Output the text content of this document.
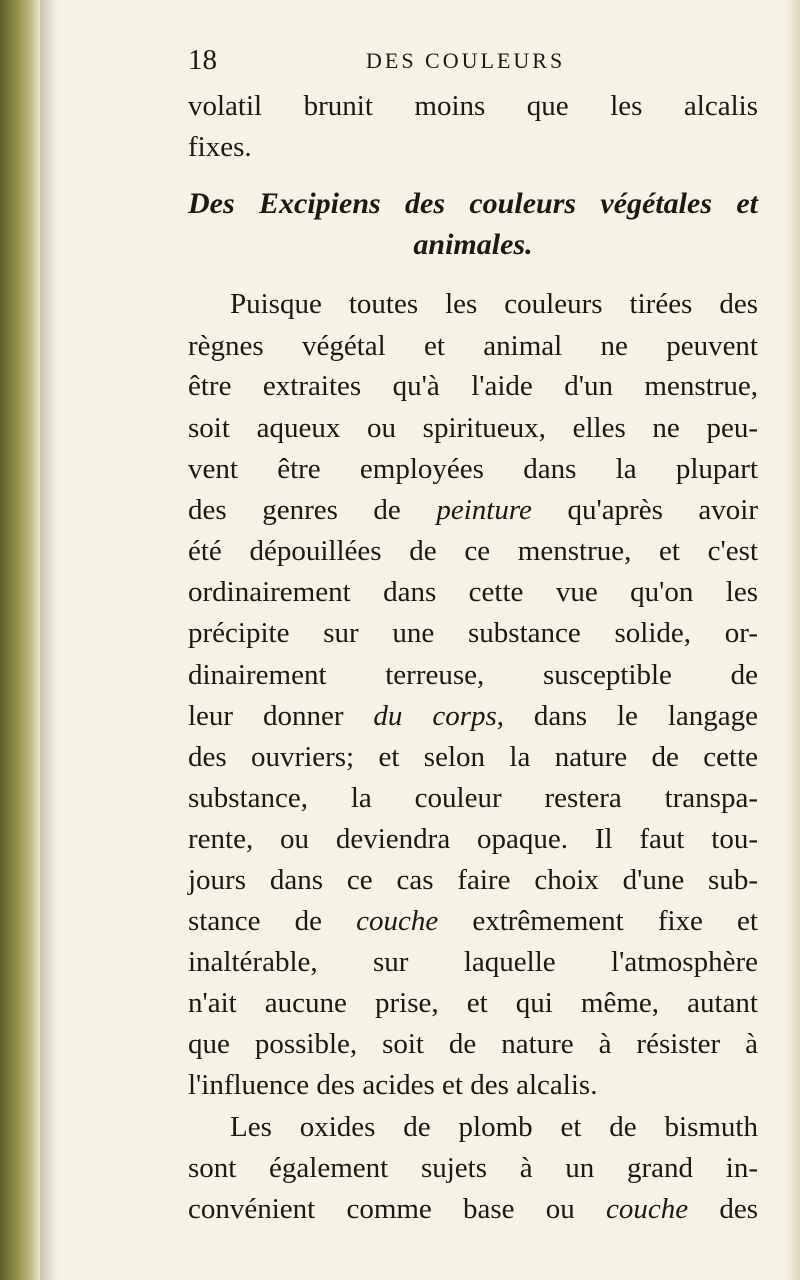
18	DES COULEURS
volatil brunit moins que les alcalis
fixes.
Des Excipiens des couleurs végétales et
animales.
Puisque toutes les couleurs tirées des
règnes végétal et animal ne peuvent
être extraites qu'à l'aide d'un menstrue,
soit aqueux ou spiritueux, elles ne peu-
vent être employées dans la plupart
des genres de peinture qu'après avoir
été dépouillées de ce menstrue, et c'est
ordinairement dans cette vue qu'on les
précipite sur une substance solide, or-
dinairement terreuse, susceptible de
leur donner du corps, dans le langage
des ouvriers; et selon la nature de cette
substance, la couleur restera transpa-
rente, ou deviendra opaque. Il faut tou-
jours dans ce cas faire choix d'une sub-
stance de couche extrêmement fixe et
inaltérable, sur laquelle l'atmosphère
n'ait aucune prise, et qui même, autant
que possible, soit de nature à résister à
l'influence des acides et des alcalis.
Les oxides de plomb et de bismuth
sont également sujets à un grand in-
convénient comme base ou couche des
